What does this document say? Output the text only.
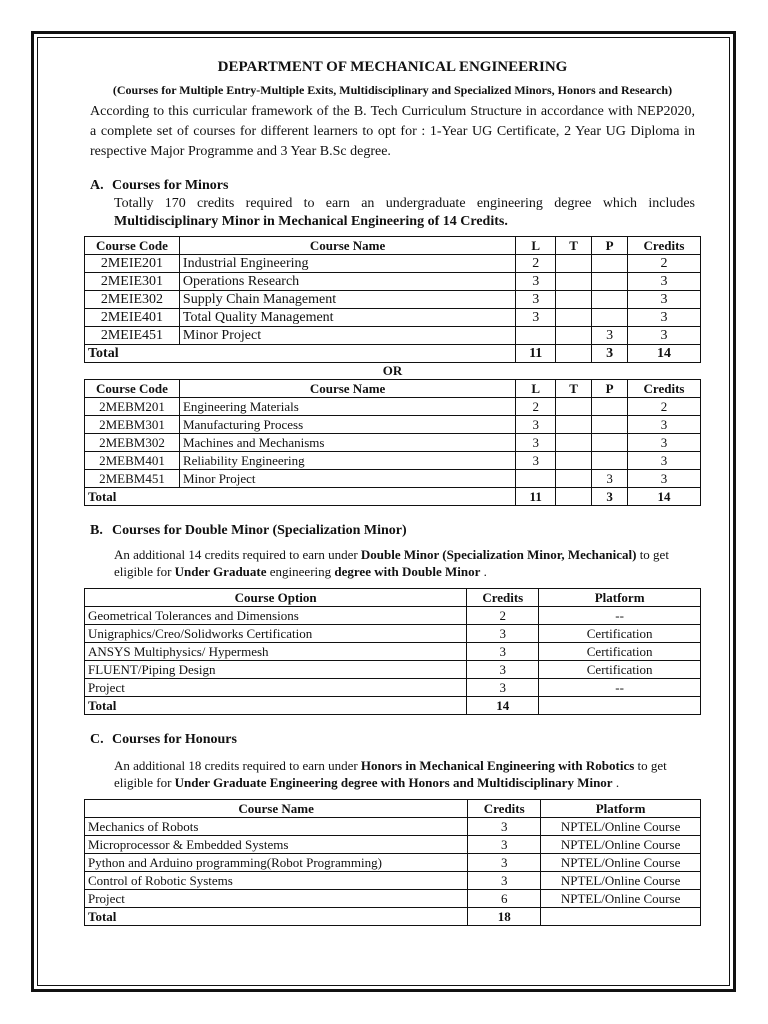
DEPARTMENT OF MECHANICAL ENGINEERING

(Courses for Multiple Entry-Multiple Exits, Multidisciplinary and Specialized Minors, Honors and Research)

According to this curricular framework of the B. Tech Curriculum Structure in accordance with NEP2020, a complete set of courses for different learners to opt for : 1-Year UG Certificate, 2 Year UG Diploma in respective Major Programme and 3 Year B.Sc degree.

A. Courses for Minors

Totally 170 credits required to earn an undergraduate engineering degree which includes Multidisciplinary Minor in Mechanical Engineering of 14 Credits.

Course Code	Course Name	L	T	P	Credits
2MEIE201	Industrial Engineering	2			2
2MEIE301	Operations Research	3			3
2MEIE302	Supply Chain Management	3			3
2MEIE401	Total Quality Management	3			3
2MEIE451	Minor Project			3	3
Total		11		3	14
OR
Course Code	Course Name	L	T	P	Credits
2MEBM201	Engineering Materials	2			2
2MEBM301	Manufacturing Process	3			3
2MEBM302	Machines and Mechanisms	3			3
2MEBM401	Reliability Engineering	3			3
2MEBM451	Minor Project			3	3
Total		11		3	14

B. Courses for Double Minor (Specialization Minor)

An additional 14 credits required to earn under Double Minor (Specialization Minor, Mechanical) to get eligible for Under Graduate engineering degree with Double Minor .

Course Option	Credits	Platform
Geometrical Tolerances and Dimensions	2	--
Unigraphics/Creo/Solidworks Certification	3	Certification
ANSYS Multiphysics/ Hypermesh	3	Certification
FLUENT/Piping Design	3	Certification
Project	3	--
Total	14	

C. Courses for Honours

An additional 18 credits required to earn under Honors in Mechanical Engineering with Robotics to get eligible for Under Graduate Engineering degree with Honors and Multidisciplinary Minor .

Course Name	Credits	Platform
Mechanics of Robots	3	NPTEL/Online Course
Microprocessor & Embedded Systems	3	NPTEL/Online Course
Python and Arduino programming(Robot Programming)	3	NPTEL/Online Course
Control of Robotic Systems	3	NPTEL/Online Course
Project	6	NPTEL/Online Course
Total	18	
